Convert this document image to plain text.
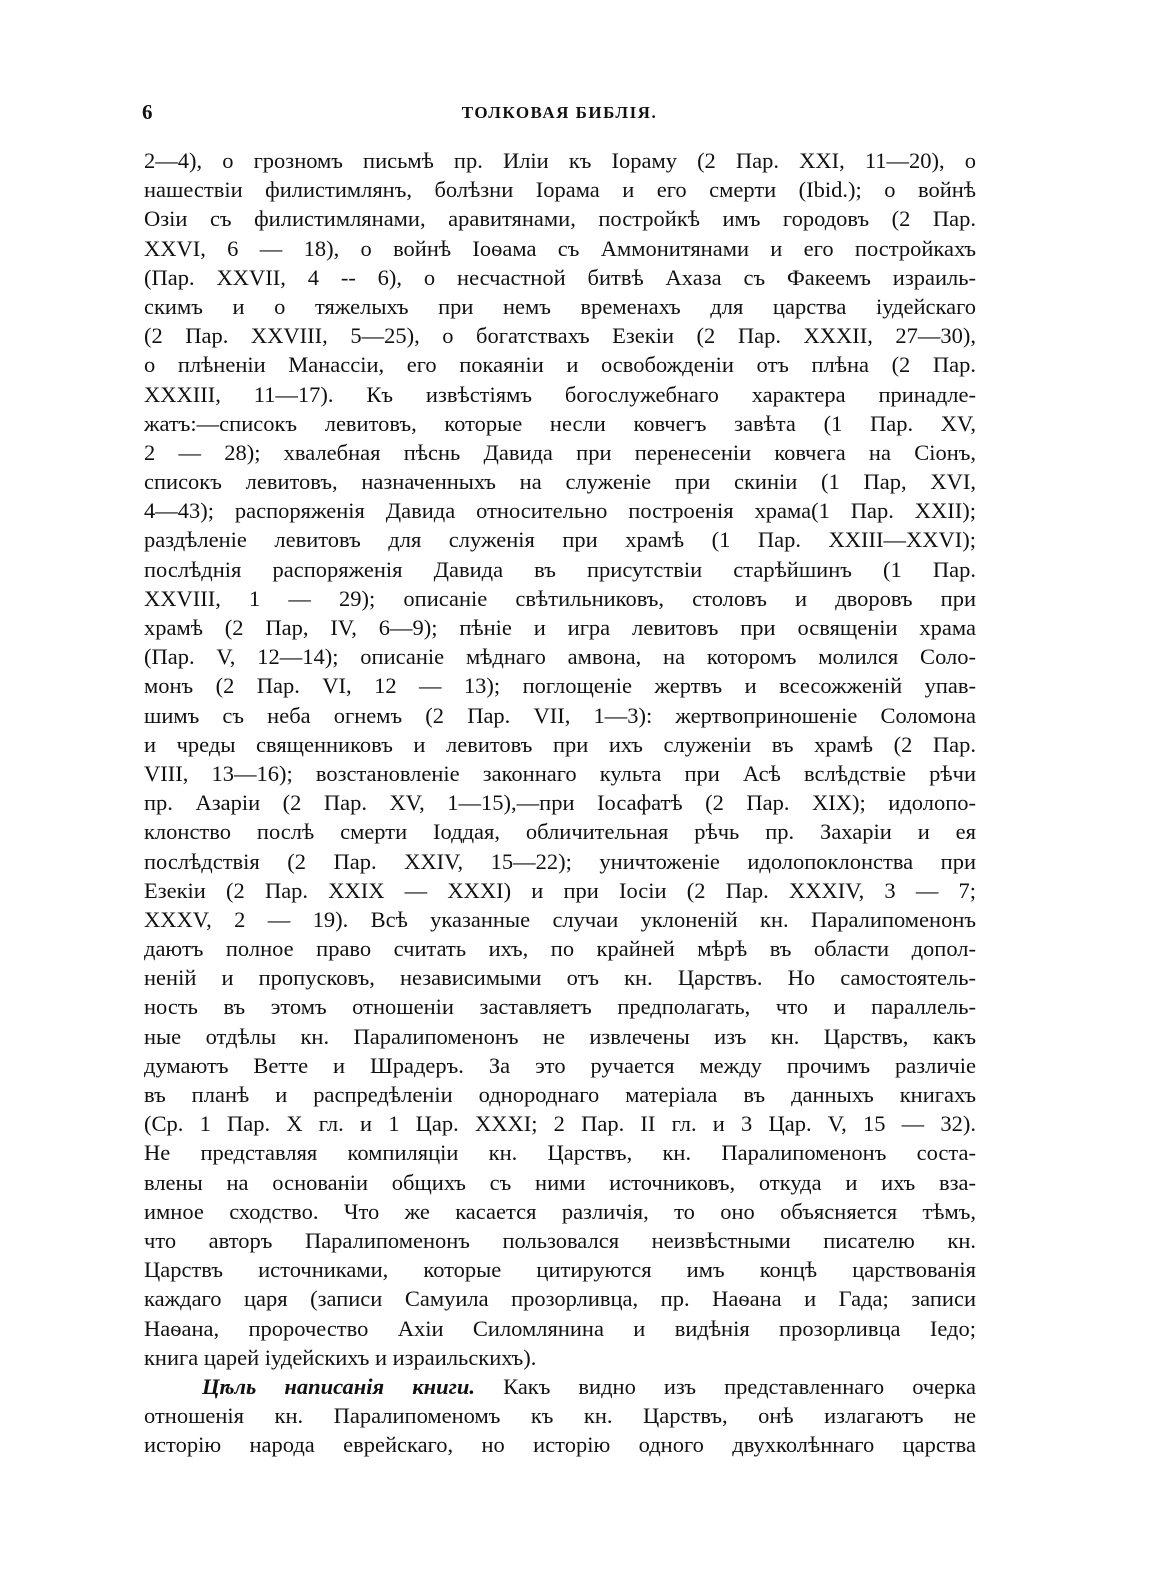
6	ТОЛКОВАЯ БИБЛІЯ.
2—4), о грозномъ письмѣ пр. Иліи къ Іораму (2 Пар. XXI, 11—20), о
нашествіи филистимлянъ, болѣзни Іорама и его смерти (Ibid.); о войнѣ
Озіи съ филистимлянами, аравитянами, постройкѣ имъ городовъ (2 Пар.
XXVI, 6 — 18), о войнѣ Іоѳама съ Аммонитянами и его постройкахъ
(Пар. XXVII, 4 -- 6), о несчастной битвѣ Ахаза съ Факеемъ израиль-
скимъ и о тяжелыхъ при немъ временахъ для царства іудейскаго
(2 Пар. XXVIII, 5—25), о богатствахъ Езекіи (2 Пар. XXXII, 27—30),
о плѣненіи Манассіи, его покаяніи и освобожденіи отъ плѣна (2 Пар.
XXXIII, 11—17). Къ извѣстіямъ богослужебнаго характера принадле-
жатъ:—списокъ левитовъ, которые несли ковчегъ завѣта (1 Пар. XV,
2 — 28); хвалебная пѣснь Давида при перенесеніи ковчега на Сіонъ,
списокъ левитовъ, назначенныхъ на служеніе при скиніи (1 Пар, XVI,
4—43); распоряженія Давида относительно построенія храма(1 Пар. XXII);
раздѣленіе левитовъ для служенія при храмѣ (1 Пар. XXIII—XXVI);
послѣднія распоряженія Давида въ присутствіи старѣйшинъ (1 Пар.
XXVIII, 1 — 29); описаніе свѣтильниковъ, столовъ и дворовъ при
храмѣ (2 Пар, IV, 6—9); пѣніе и игра левитовъ при освященіи храма
(Пар. V, 12—14); описаніе мѣднаго амвона, на которомъ молился Соло-
монъ (2 Пар. VI, 12 — 13); поглощеніе жертвъ и всесожженій упав-
шимъ съ неба огнемъ (2 Пар. VII, 1—3): жертвоприношеніе Соломона
и чреды священниковъ и левитовъ при ихъ служеніи въ храмѣ (2 Пар.
VIII, 13—16); возстановленіе законнаго культа при Асѣ вслѣдствіе рѣчи
пр. Азаріи (2 Пар. XV, 1—15),—при Іосафатѣ (2 Пар. XIX); идолопо-
клонство послѣ смерти Іоддая, обличительная рѣчь пр. Захаріи и ея
послѣдствія (2 Пар. XXIV, 15—22); уничтоженіе идолопоклонства при
Езекіи (2 Пар. XXIX — XXXI) и при Іосіи (2 Пар. XXXIV, 3 — 7;
XXXV, 2 — 19). Всѣ указанные случаи уклоненій кн. Паралипоменонъ
даютъ полное право считать ихъ, по крайней мѣрѣ въ области допол-
неній и пропусковъ, независимыми отъ кн. Царствъ. Но самостоятель-
ность въ этомъ отношеніи заставляетъ предполагать, что и параллель-
ные отдѣлы кн. Паралипоменонъ не извлечены изъ кн. Царствъ, какъ
думаютъ Ветте и Шрадеръ. За это ручается между прочимъ различіе
въ планѣ и распредѣленіи однороднаго матеріала въ данныхъ книгахъ
(Ср. 1 Пар. X гл. и 1 Цар. XXXI; 2 Пар. II гл. и 3 Цар. V, 15 — 32).
Не представляя компиляціи кн. Царствъ, кн. Паралипоменонъ соста-
влены на основаніи общихъ съ ними источниковъ, откуда и ихъ вза-
имное сходство. Что же касается различія, то оно объясняется тѣмъ,
что авторъ Паралипоменонъ пользовался неизвѣстными писателю кн.
Царствъ источниками, которые цитируются имъ концѣ царствованія
каждаго царя (записи Самуила прозорливца, пр. Наѳана и Гада; записи
Наѳана, пророчество Ахіи Силомлянина и видѣнія прозорливца Іедо;
книга царей іудейскихъ и израильскихъ).
Цѣль написанія книги. Какъ видно изъ представленнаго очерка
отношенія кн. Паралипоменомъ къ кн. Царствъ, онѣ излагаютъ не
исторію народа еврейскаго, но исторію одного двухколѣннаго царства
